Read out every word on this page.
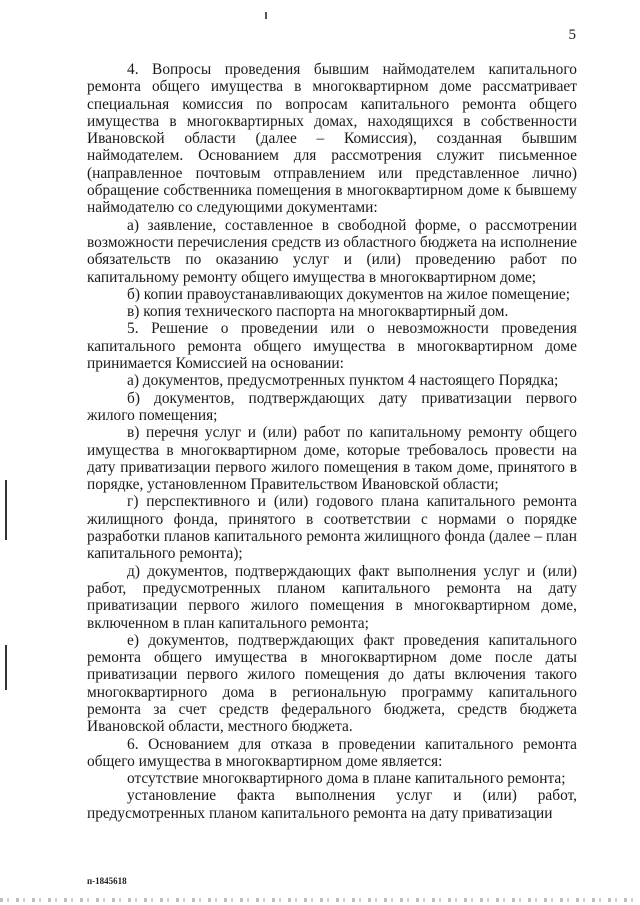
5

4. Вопросы проведения бывшим наймодателем капитального ремонта общего имущества в многоквартирном доме рассматривает специальная комиссия по вопросам капитального ремонта общего имущества в многоквартирных домах, находящихся в собственности Ивановской области (далее – Комиссия), созданная бывшим наймодателем. Основанием для рассмотрения служит письменное (направленное почтовым отправлением или представленное лично) обращение собственника помещения в многоквартирном доме к бывшему наймодателю со следующими документами:

а) заявление, составленное в свободной форме, о рассмотрении возможности перечисления средств из областного бюджета на исполнение обязательств по оказанию услуг и (или) проведению работ по капитальному ремонту общего имущества в многоквартирном доме;

б) копии правоустанавливающих документов на жилое помещение;

в) копия технического паспорта на многоквартирный дом.

5. Решение о проведении или о невозможности проведения капитального ремонта общего имущества в многоквартирном доме принимается Комиссией на основании:

а) документов, предусмотренных пунктом 4 настоящего Порядка;

б) документов, подтверждающих дату приватизации первого жилого помещения;

в) перечня услуг и (или) работ по капитальному ремонту общего имущества в многоквартирном доме, которые требовалось провести на дату приватизации первого жилого помещения в таком доме, принятого в порядке, установленном Правительством Ивановской области;

г) перспективного и (или) годового плана капитального ремонта жилищного фонда, принятого в соответствии с нормами о порядке разработки планов капитального ремонта жилищного фонда (далее – план капитального ремонта);

д) документов, подтверждающих факт выполнения услуг и (или) работ, предусмотренных планом капитального ремонта на дату приватизации первого жилого помещения в многоквартирном доме, включенном в план капитального ремонта;

е) документов, подтверждающих факт проведения капитального ремонта общего имущества в многоквартирном доме после даты приватизации первого жилого помещения до даты включения такого многоквартирного дома в региональную программу капитального ремонта за счет средств федерального бюджета, средств бюджета Ивановской области, местного бюджета.

6. Основанием для отказа в проведении капитального ремонта общего имущества в многоквартирном доме является:

отсутствие многоквартирного дома в плане капитального ремонта;

установление факта выполнения услуг и (или) работ, предусмотренных планом капитального ремонта на дату приватизации

п-1845618
